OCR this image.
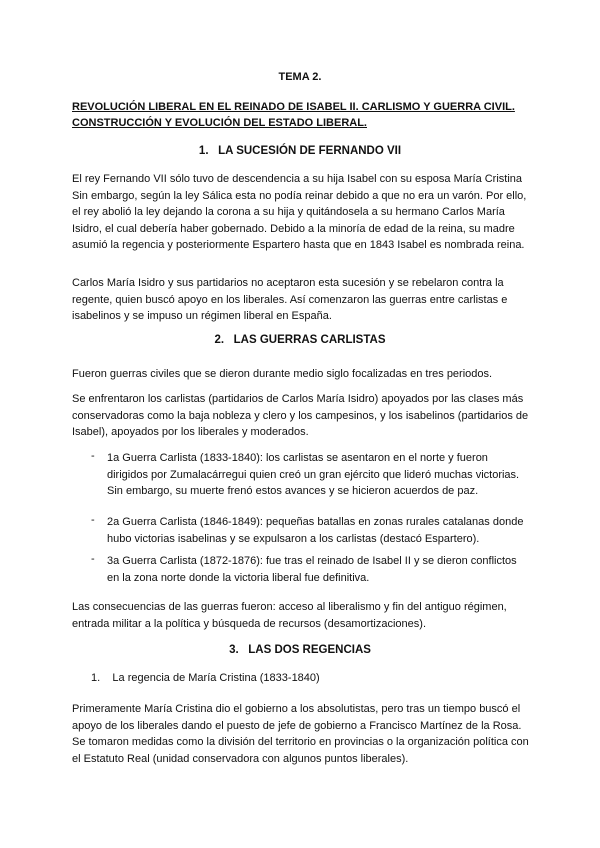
TEMA 2.
REVOLUCIÓN LIBERAL EN EL REINADO DE ISABEL II. CARLISMO Y GUERRA CIVIL.
CONSTRUCCIÓN Y EVOLUCIÓN DEL ESTADO LIBERAL.
1. LA SUCESIÓN DE FERNANDO VII
El rey Fernando VII sólo tuvo de descendencia a su hija Isabel con su esposa María Cristina Sin embargo, según la ley Sálica esta no podía reinar debido a que no era un varón. Por ello, el rey abolió la ley dejando la corona a su hija y quitándosela a su hermano Carlos María Isidro, el cual debería haber gobernado. Debido a la minoría de edad de la reina, su madre asumió la regencia y posteriormente Espartero hasta que en 1843 Isabel es nombrada reina.
Carlos María Isidro y sus partidarios no aceptaron esta sucesión y se rebelaron contra la regente, quien buscó apoyo en los liberales. Así comenzaron las guerras entre carlistas e isabelinos y se impuso un régimen liberal en España.
2. LAS GUERRAS CARLISTAS
Fueron guerras civiles que se dieron durante medio siglo focalizadas en tres periodos.
Se enfrentaron los carlistas (partidarios de Carlos María Isidro) apoyados por las clases más conservadoras como la baja nobleza y clero y los campesinos, y los isabelinos (partidarios de Isabel), apoyados por los liberales y moderados.
- 1a Guerra Carlista (1833-1840): los carlistas se asentaron en el norte y fueron dirigidos por Zumalacárregui quien creó un gran ejército que lideró muchas victorias. Sin embargo, su muerte frenó estos avances y se hicieron acuerdos de paz.
- 2a Guerra Carlista (1846-1849): pequeñas batallas en zonas rurales catalanas donde hubo victorias isabelinas y se expulsaron a los carlistas (destacó Espartero).
- 3a Guerra Carlista (1872-1876): fue tras el reinado de Isabel II y se dieron conflictos en la zona norte donde la victoria liberal fue definitiva.
Las consecuencias de las guerras fueron: acceso al liberalismo y fin del antiguo régimen, entrada militar a la política y búsqueda de recursos (desamortizaciones).
3. LAS DOS REGENCIAS
1. La regencia de María Cristina (1833-1840)
Primeramente María Cristina dio el gobierno a los absolutistas, pero tras un tiempo buscó el apoyo de los liberales dando el puesto de jefe de gobierno a Francisco Martínez de la Rosa. Se tomaron medidas como la división del territorio en provincias o la organización política con el Estatuto Real (unidad conservadora con algunos puntos liberales).
